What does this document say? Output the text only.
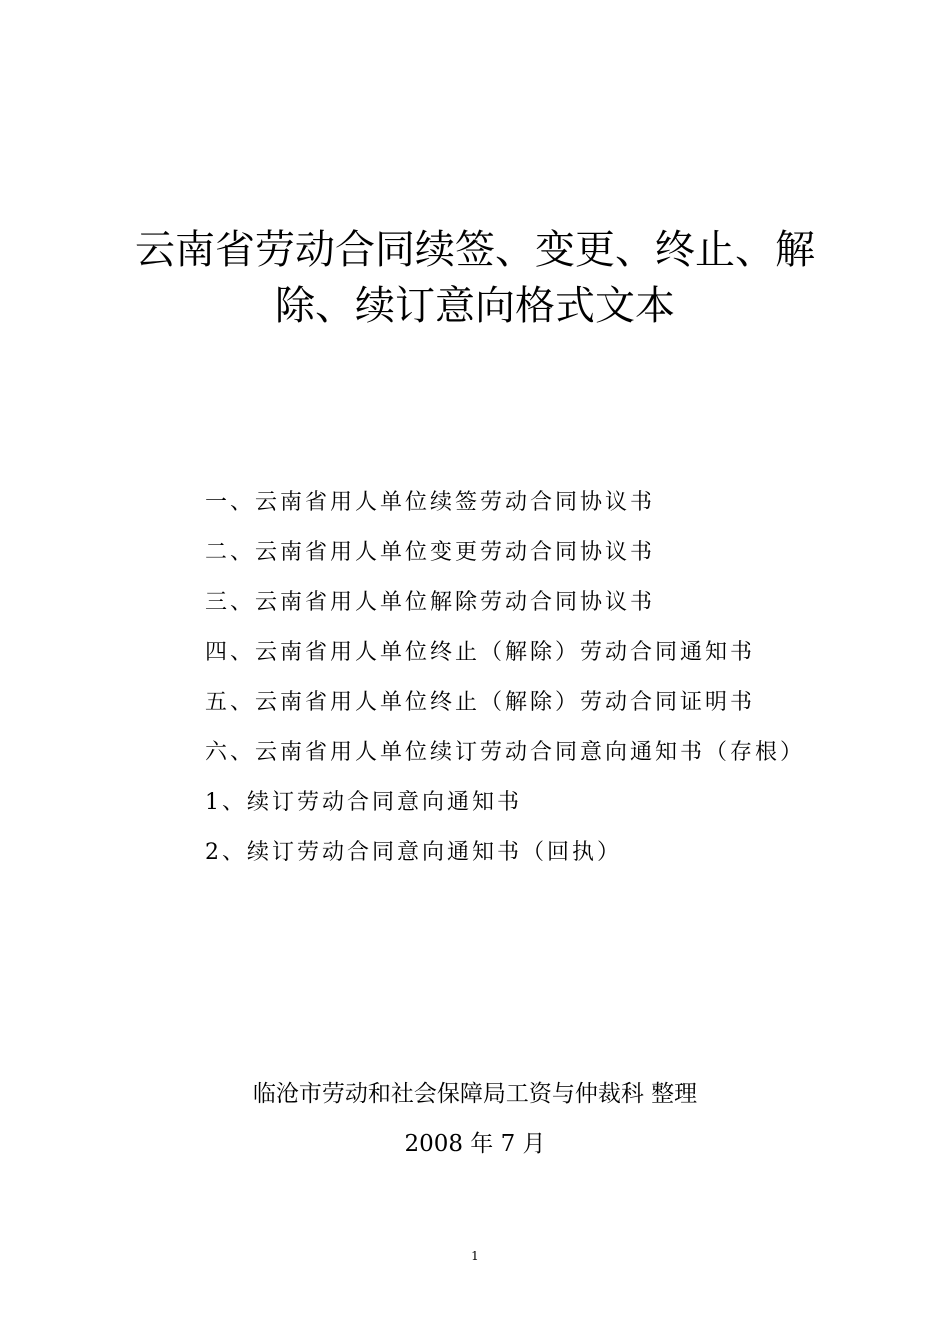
云南省劳动合同续签、变更、终止、解
除、续订意向格式文本
一、云南省用人单位续签劳动合同协议书
二、云南省用人单位变更劳动合同协议书
三、云南省用人单位解除劳动合同协议书
四、云南省用人单位终止（解除）劳动合同通知书
五、云南省用人单位终止（解除）劳动合同证明书
六、云南省用人单位续订劳动合同意向通知书（存根）
1、续订劳动合同意向通知书
2、续订劳动合同意向通知书（回执）
临沧市劳动和社会保障局工资与仲裁科 整理
2008 年 7 月
1
